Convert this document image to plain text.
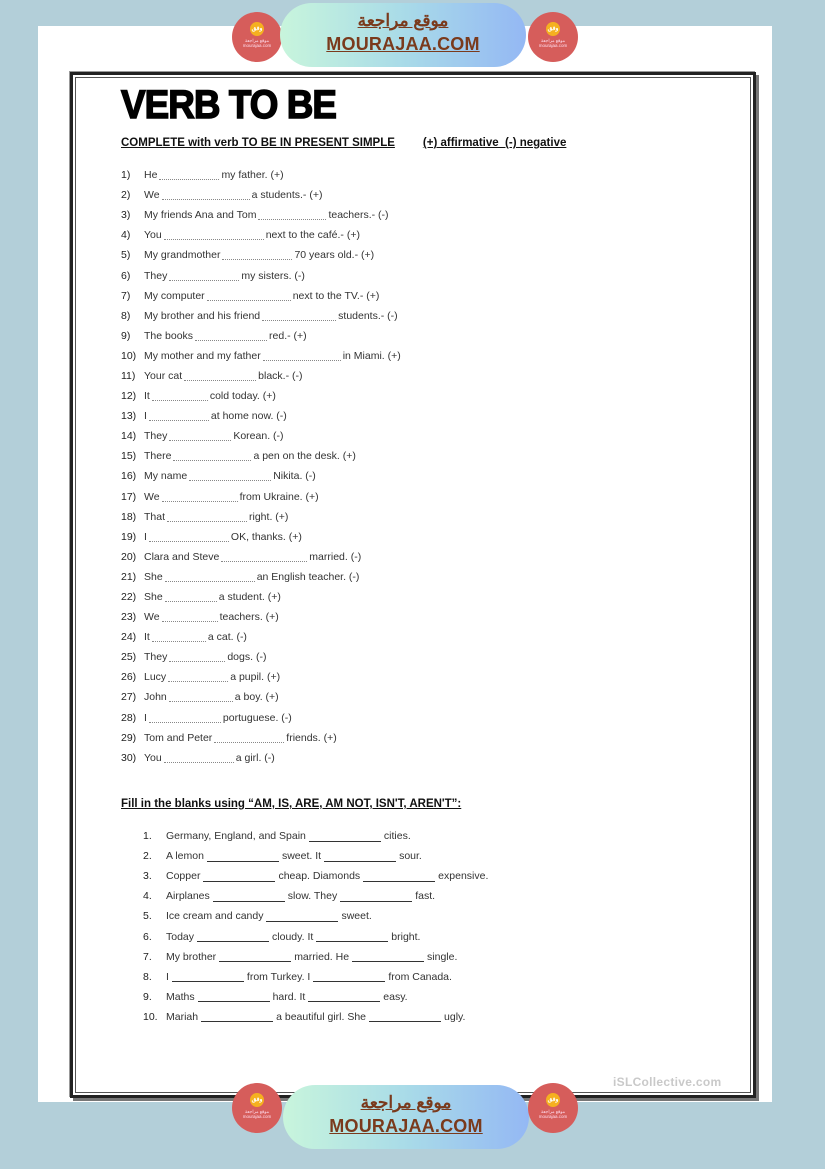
VERB TO BE
COMPLETE with verb TO BE IN PRESENT SIMPLE (+) affirmative  (-) negative
1)	He	my father. (+)
2)	We	a students.- (+)
3)	My friends Ana and Tom	teachers.- (-)
4)	You	next to the café.- (+)
5)	My grandmother	70 years old.- (+)
6)	They	my sisters. (-)
7)	My computer	next to the TV.- (+)
8)	My brother and his friend	students.- (-)
9)	The books	red.- (+)
10) My mother and my father	in Miami. (+)
11) Your cat	black.- (-)
12) It	cold today. (+)
13) I	at home now. (-)
14) They	Korean. (-)
15) There	a pen on the desk. (+)
16) My name	Nikita. (-)
17) We	from Ukraine. (+)
18) That	right. (+)
19) I	OK, thanks. (+)
20) Clara and Steve	married. (-)
21) She	an English teacher. (-)
22) She	a student. (+)
23) We	teachers. (+)
24) It	a cat. (-)
25) They	dogs. (-)
26) Lucy	a pupil. (+)
27) John	a boy. (+)
28) I	portuguese. (-)
29) Tom and Peter	friends. (+)
30) You	a girl. (-)
Fill in the blanks using “AM, IS, ARE, AM NOT, ISN'T, AREN'T”:
1.	Germany, England, and Spain	cities.
2.	A lemon	sweet. It	sour.
3.	Copper	cheap. Diamonds	expensive.
4.	Airplanes	slow. They	fast.
5.	Ice cream and candy	sweet.
6.	Today	cloudy. It	bright.
7.	My brother	married. He	single.
8.	I	from Turkey. I	from Canada.
9.	Maths	hard. It	easy.
10. Mariah	a beautiful girl. She	ugly.
iSLCollective.com
وفق
موقع مراجعة
mourajaa.com
موقع مراجعة
MOURAJAA.COM
وفق
موقع مراجعة
mourajaa.com
وفق
موقع مراجعة
mourajaa.com
موقع مراجعة
MOURAJAA.COM
وفق
موقع مراجعة
mourajaa.com
